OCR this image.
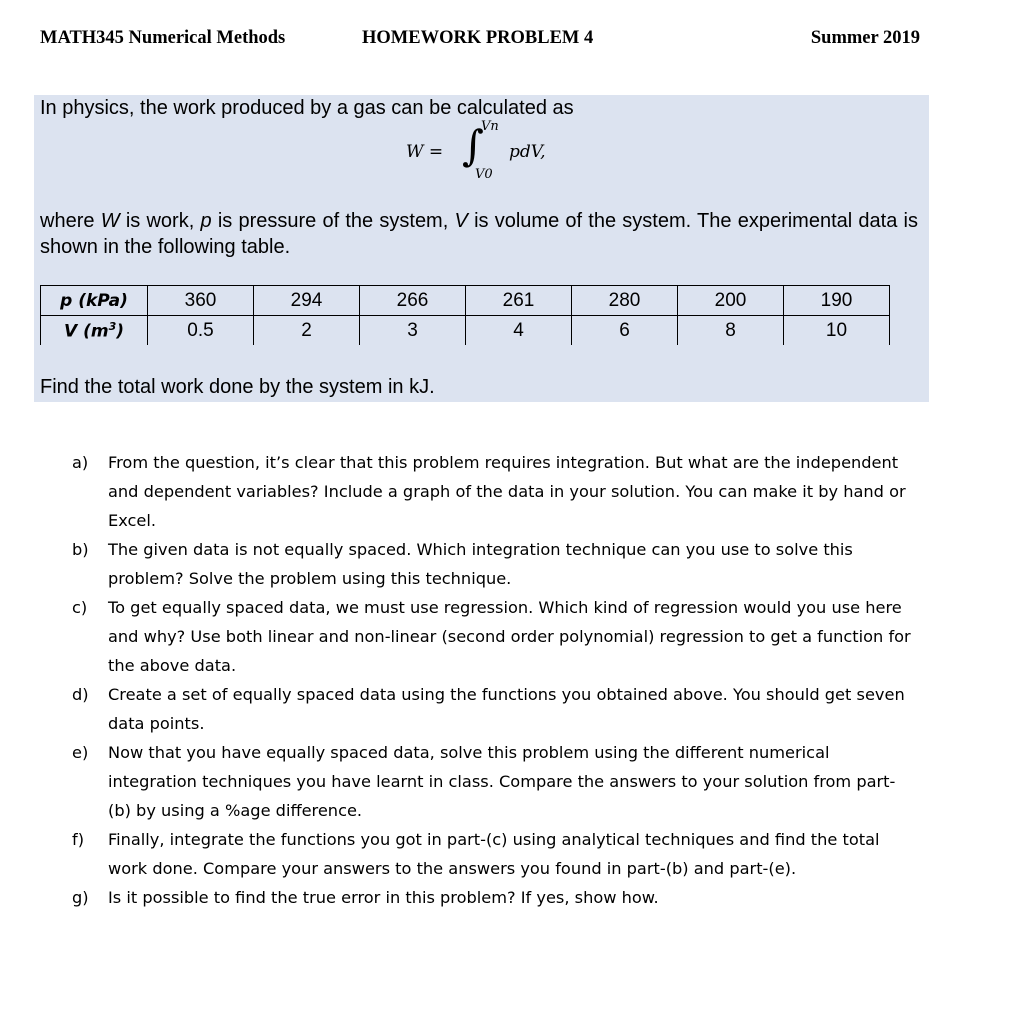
MATH345 Numerical Methods	HOMEWORK PROBLEM 4	Summer 2019
In physics, the work produced by a gas can be calculated as
W = ∫
Vn
V0
pdV,
where W is work, p is pressure of the system, V is volume of the system. The experimental data is shown in the following table.
p (kPa)	360	294	266	261	280	200	190
V $(m^3)$	0.5	2	3	4	6	8	10
Find the total work done by the system in kJ.
a) From the question, it’s clear that this problem requires integration. But what are the independent and dependent variables? Include a graph of the data in your solution. You can make it by hand or Excel.
b) The given data is not equally spaced. Which integration technique can you use to solve this problem? Solve the problem using this technique.
c) To get equally spaced data, we must use regression. Which kind of regression would you use here and why? Use both linear and non-linear (second order polynomial) regression to get a function for the above data.
d) Create a set of equally spaced data using the functions you obtained above. You should get seven data points.
e) Now that you have equally spaced data, solve this problem using the different numerical integration techniques you have learnt in class. Compare the answers to your solution from part-(b) by using a %age difference.
f) Finally, integrate the functions you got in part-(c) using analytical techniques and find the total work done. Compare your answers to the answers you found in part-(b) and part-(e).
g) Is it possible to find the true error in this problem? If yes, show how.
